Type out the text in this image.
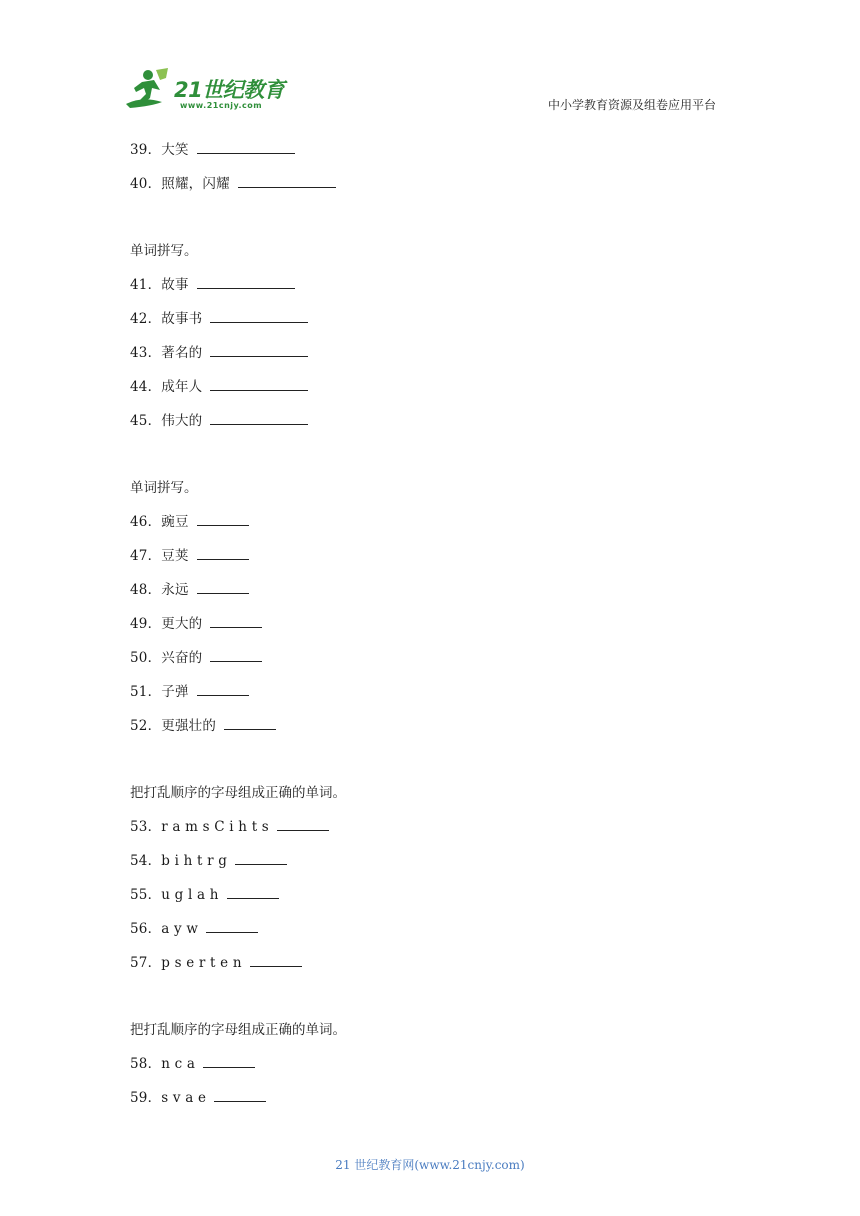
21世纪教育
www.21cnjy.com	中小学教育资源及组卷应用平台
39．大笑
40．照耀，闪耀
单词拼写。
41．故事
42．故事书
43．著名的
44．成年人
45．伟大的
单词拼写。
46．豌豆
47．豆荚
48．永远
49．更大的
50．兴奋的
51．子弹
52．更强壮的
把打乱顺序的字母组成正确的单词。
53．r a m s C i h t s
54．b i h t r g
55．u g l a h
56．a y w
57．p s e r t e n
把打乱顺序的字母组成正确的单词。
58．n c a
59．s v a e
21 世纪教育网(www.21cnjy.com)
